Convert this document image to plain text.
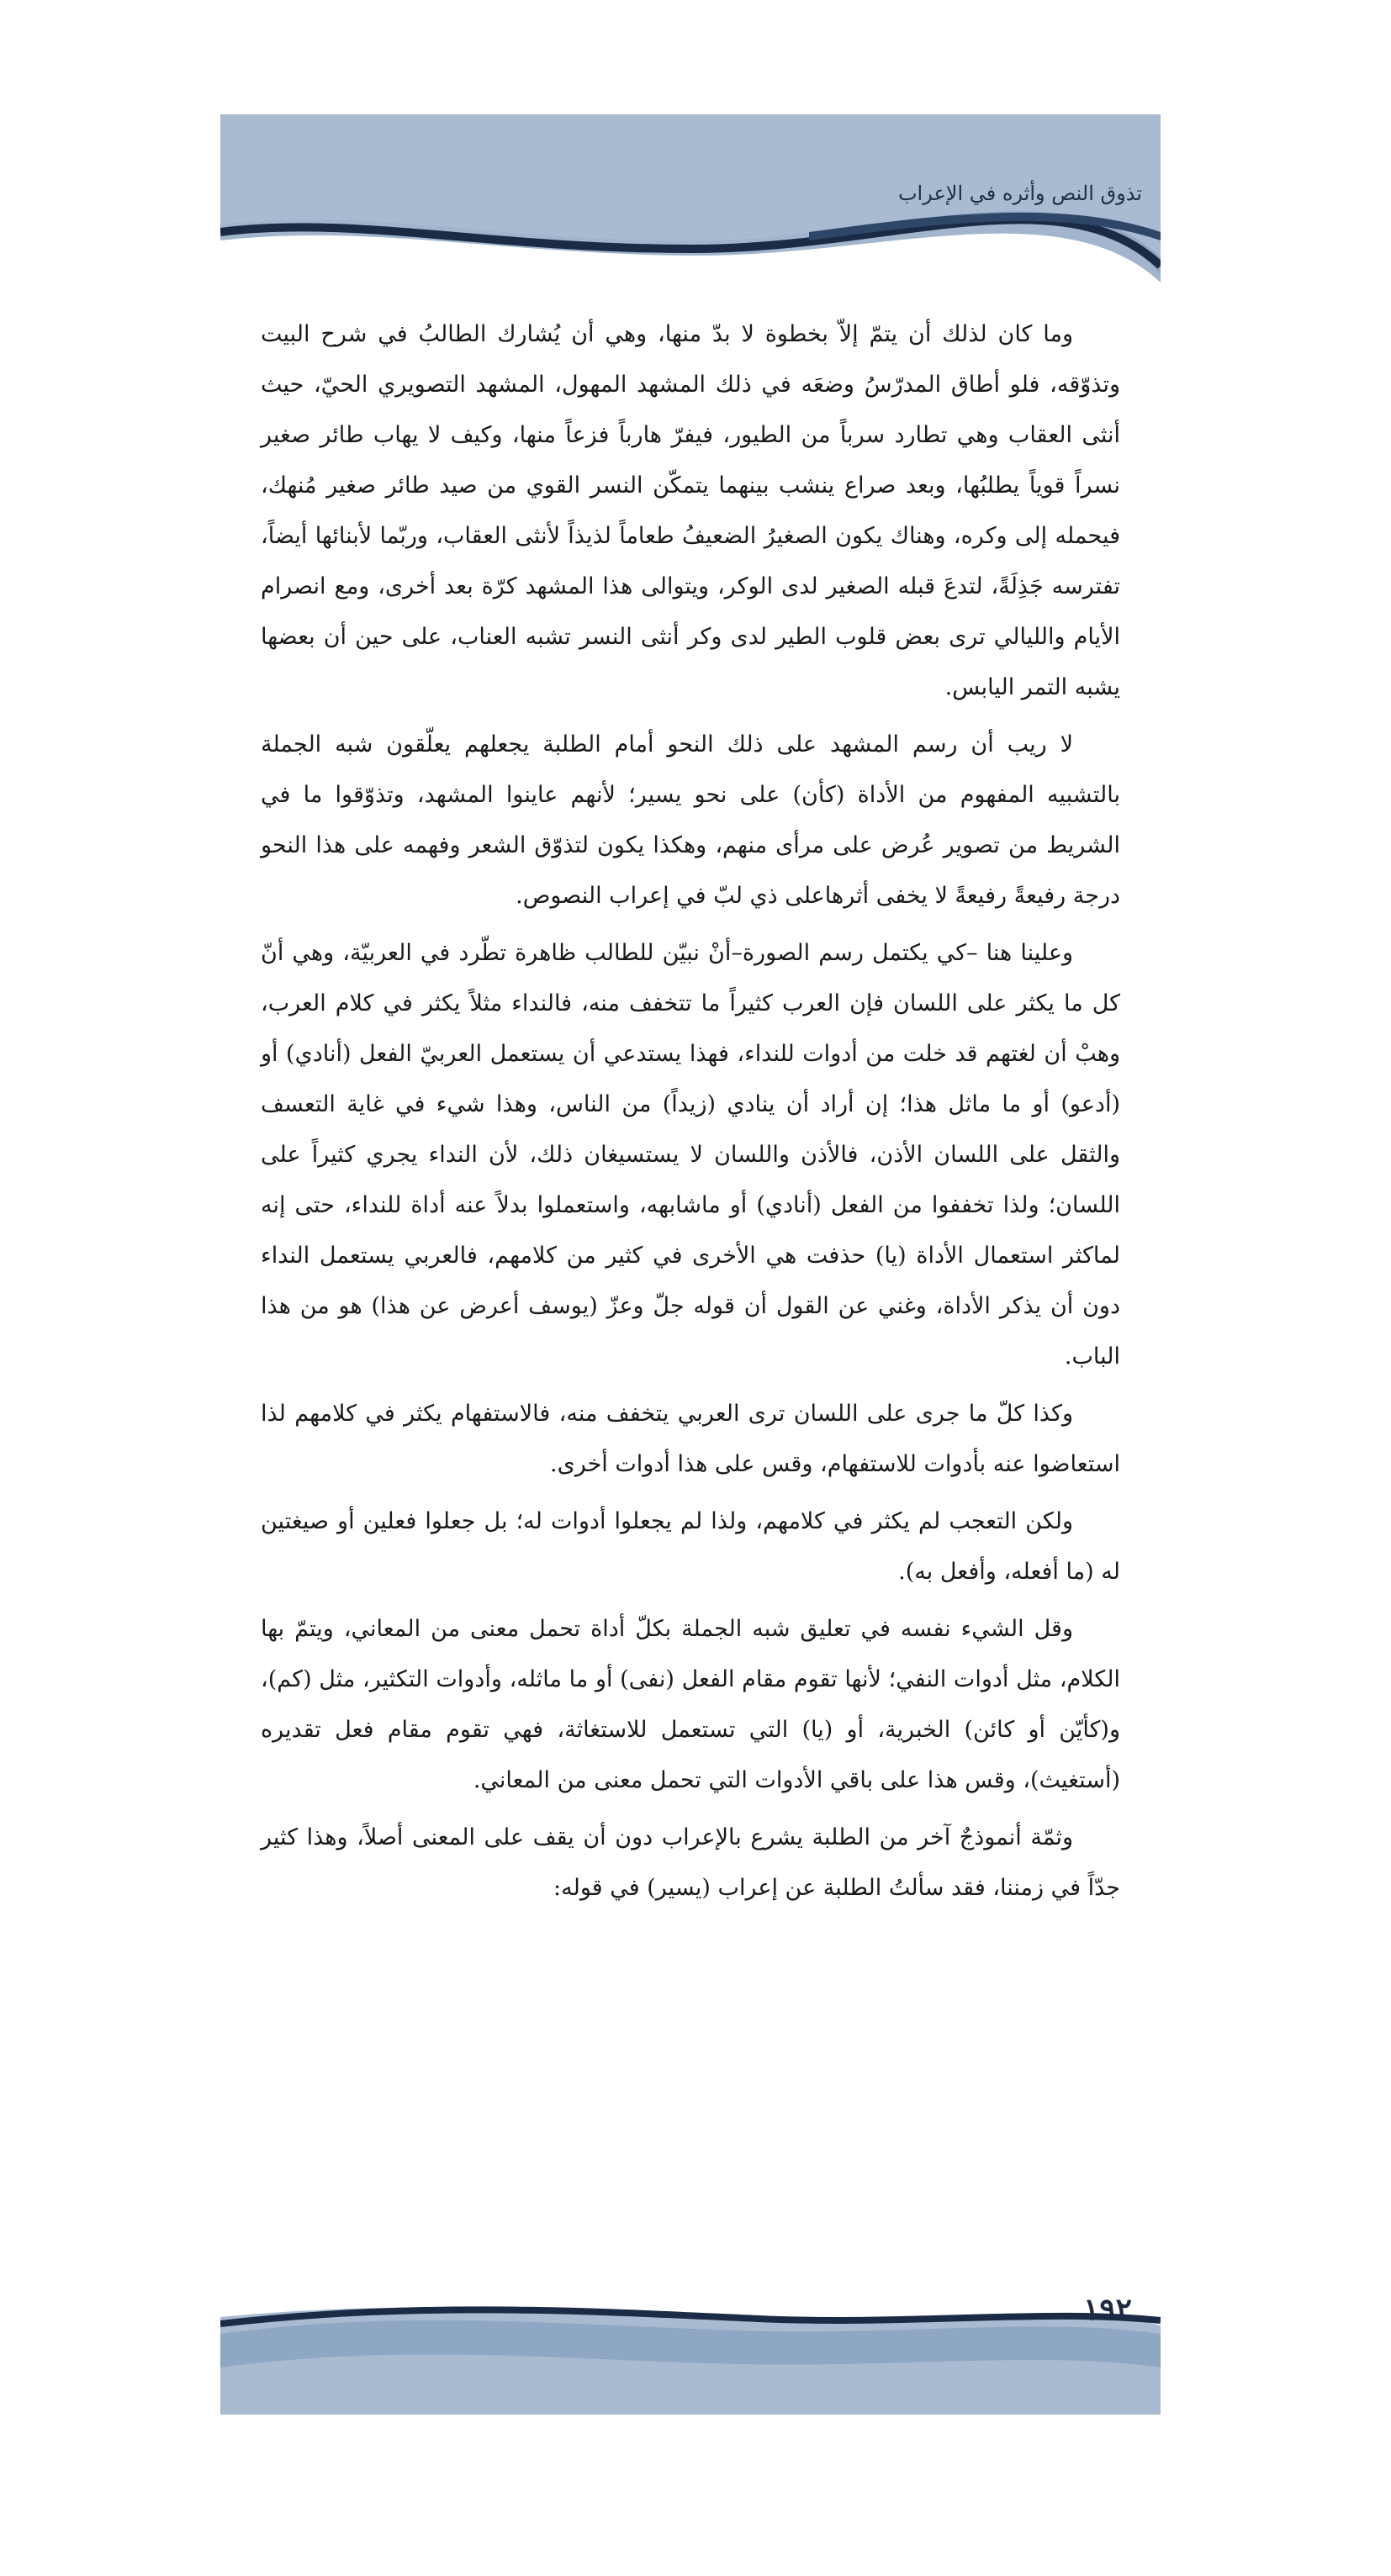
تذوق النص وأثره في الإعراب

وما كان لذلك أن يتمّ إلاّ بخطوة لا بدّ منها، وهي أن يُشارك الطالبُ في شرح البيت وتذوّقه، فلو أطاق المدرّسُ وضعَه في ذلك المشهد المهول، المشهد التصويري الحيّ، حيث أنثى العقاب وهي تطارد سرباً من الطيور، فيفرّ هارباً فزعاً منها، وكيف لا يهاب طائر صغير نسراً قوياً يطلبُها، وبعد صراع ينشب بينهما يتمكّن النسر القوي من صيد طائر صغير مُنهك، فيحمله إلى وكره، وهناك يكون الصغيرُ الضعيفُ طعاماً لذيذاً لأنثى العقاب، وربّما لأبنائها أيضاً، تفترسه جَذِلَةً، لتدعَ قبله الصغير لدى الوكر، ويتوالى هذا المشهد كرّة بعد أخرى، ومع انصرام الأيام والليالي ترى بعض قلوب الطير لدى وكر أنثى النسر تشبه العناب، على حين أن بعضها يشبه التمر اليابس.

لا ريب أن رسم المشهد على ذلك النحو أمام الطلبة يجعلهم يعلّقون شبه الجملة بالتشبيه المفهوم من الأداة (كأن) على نحو يسير؛ لأنهم عاينوا المشهد، وتذوّقوا ما في الشريط من تصوير عُرض على مرأى منهم، وهكذا يكون لتذوّق الشعر وفهمه على هذا النحو درجة رفيعةً رفيعةً لا يخفى أثرهاعلى ذي لبّ في إعراب النصوص.

وعلينا هنا –كي يكتمل رسم الصورة–أنْ نبيّن للطالب ظاهرة تطّرد في العربيّة، وهي أنّ كل ما يكثر على اللسان فإن العرب كثيراً ما تتخفف منه، فالنداء مثلاً يكثر في كلام العرب، وهبْ أن لغتهم قد خلت من أدوات للنداء، فهذا يستدعي أن يستعمل العربيّ الفعل (أنادي) أو (أدعو) أو ما ماثل هذا؛ إن أراد أن ينادي (زيداً) من الناس، وهذا شيء في غاية التعسف والثقل على اللسان الأذن، فالأذن واللسان لا يستسيغان ذلك، لأن النداء يجري كثيراً على اللسان؛ ولذا تخففوا من الفعل (أنادي) أو ماشابهه، واستعملوا بدلاً عنه أداة للنداء، حتى إنه لماكثر استعمال الأداة (يا) حذفت هي الأخرى في كثير من كلامهم، فالعربي يستعمل النداء دون أن يذكر الأداة، وغني عن القول أن قوله جلّ وعزّ (يوسف أعرض عن هذا) هو من هذا الباب.

وكذا كلّ ما جرى على اللسان ترى العربي يتخفف منه، فالاستفهام يكثر في كلامهم لذا استعاضوا عنه بأدوات للاستفهام، وقس على هذا أدوات أخرى.

ولكن التعجب لم يكثر في كلامهم، ولذا لم يجعلوا أدوات له؛ بل جعلوا فعلين أو صيغتين له (ما أفعله، وأفعل به).

وقل الشيء نفسه في تعليق شبه الجملة بكلّ أداة تحمل معنى من المعاني، ويتمّ بها الكلام، مثل أدوات النفي؛ لأنها تقوم مقام الفعل (نفى) أو ما ماثله، وأدوات التكثير، مثل (كم)، و(كأيّن أو كائن) الخبرية، أو (يا) التي تستعمل للاستغاثة، فهي تقوم مقام فعل تقديره (أستغيث)، وقس هذا على باقي الأدوات التي تحمل معنى من المعاني.

وثمّة أنموذجٌ آخر من الطلبة يشرع بالإعراب دون أن يقف على المعنى أصلاً، وهذا كثير جدّاً في زمننا، فقد سألتُ الطلبة عن إعراب (يسير) في قوله:

١٩٢
